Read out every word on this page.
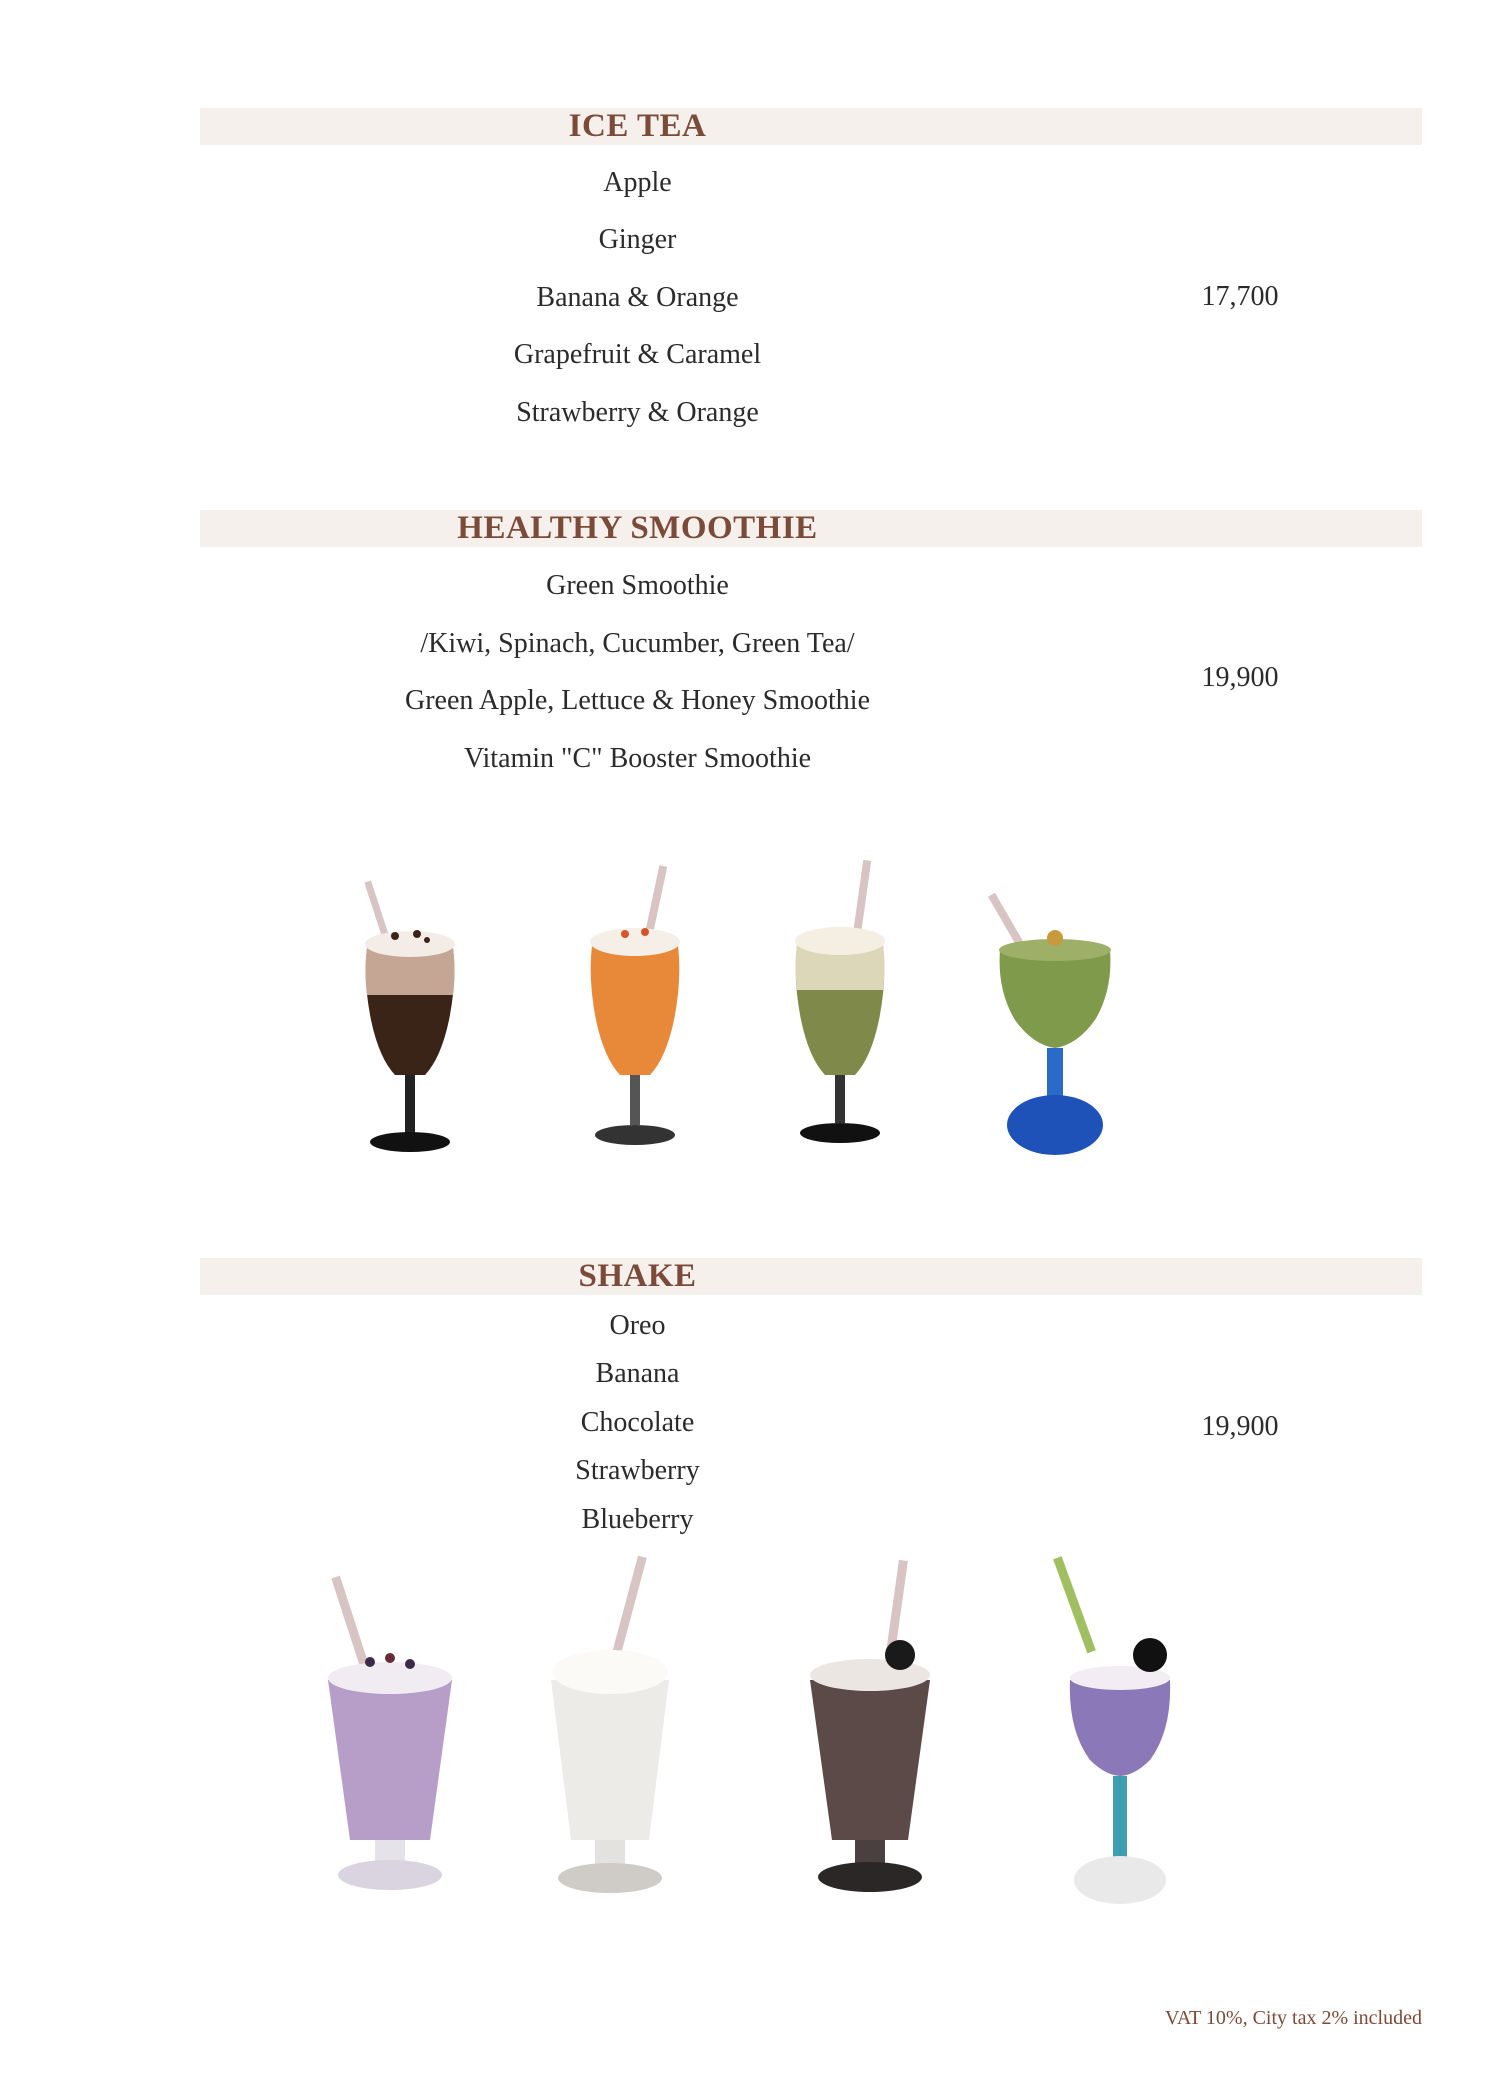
ICE TEA
Apple
Ginger
Banana & Orange
Grapefruit & Caramel
Strawberry & Orange
17,700
HEALTHY SMOOTHIE
Green Smoothie
/Kiwi, Spinach, Cucumber, Green Tea/
Green Apple, Lettuce & Honey Smoothie
Vitamin "C" Booster Smoothie
19,900
SHAKE
Oreo
Banana
Chocolate
Strawberry
Blueberry
19,900
VAT 10%, City tax 2% included
